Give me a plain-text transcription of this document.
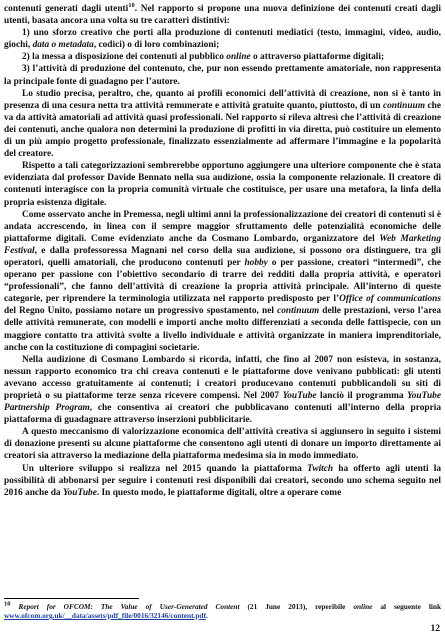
contenuti generati dagli utenti$^{10}$. Nel rapporto si propone una nuova definizione dei contenuti creati dagli utenti, basata ancora una volta su tre caratteri distintivi:

1) uno sforzo creativo che porti alla produzione di contenuti mediatici (testo, immagini, video, audio, giochi, data o metadata, codici) o di loro combinazioni;
2) la messa a disposizione dei contenuti al pubblico online o attraverso piattaforme digitali;
3) l’attività di produzione del contenuto, che, pur non essendo prettamente amatoriale, non rappresenta la principale fonte di guadagno per l’autore.

Lo studio precisa, peraltro, che, quanto ai profili economici dell’attività di creazione, non si è tanto in presenza di una cesura netta tra attività remunerate e attività gratuite quanto, piuttosto, di un continuum che va da attività amatoriali ad attività quasi professionali. Nel rapporto si rileva altresì che l’attività di creazione dei contenuti, anche qualora non determini la produzione di profitti in via diretta, può costituire un elemento di un più ampio progetto professionale, finalizzato essenzialmente ad affermare l’immagine e la popolarità del creatore.

Rispetto a tali categorizzazioni sembrerebbe opportuno aggiungere una ulteriore componente che è stata evidenziata dal professor Davide Bennato nella sua audizione, ossia la componente relazionale. Il creatore di contenuti interagisce con la propria comunità virtuale che costituisce, per usare una metafora, la linfa della propria esistenza digitale.

Come osservato anche in Premessa, negli ultimi anni la professionalizzazione dei creatori di contenuti si è andata accrescendo, in linea con il sempre maggior sfruttamento delle potenzialità economiche delle piattaforme digitali. Come evidenziato anche da Cosmano Lombardo, organizzatore del Web Marketing Festival, e dalla professoressa Magnani nel corso della sua audizione, si possono ora distinguere, tra gli operatori, quelli amatoriali, che producono contenuti per hobby o per passione, creatori “intermedi”, che operano per passione con l’obiettivo secondario di trarre dei redditi dalla propria attività, e operatori “professionali”, che fanno dell’attività di creazione la propria attività principale. All’interno di queste categorie, per riprendere la terminologia utilizzata nel rapporto predisposto per l’Office of communications del Regno Unito, possiamo notare un progressivo spostamento, nel continuum delle prestazioni, verso l’area delle attività remunerate, con modelli e importi anche molto differenziati a seconda delle fattispecie, con un maggiore contatto tra attività svolte a livello individuale e attività organizzate in maniera imprenditoriale, anche con la costituzione di compagini societarie.

Nella audizione di Cosmano Lombardo si ricorda, infatti, che fino al 2007 non esisteva, in sostanza, nessun rapporto economico tra chi creava contenuti e le piattaforme dove venivano pubblicati: gli utenti avevano accesso gratuitamente ai contenuti; i creatori producevano contenuti pubblicandoli su siti di proprietà o su piattaforme terze senza ricevere compensi. Nel 2007 YouTube lanciò il programma YouTube Partnership Program, che consentiva ai creatori che pubblicavano contenuti all’interno della propria piattaforma di guadagnare attraverso inserzioni pubblicitarie.

A questo meccanismo di valorizzazione economica dell’attività creativa si aggiunsero in seguito i sistemi di donazione presenti su alcune piattaforme che consentono agli utenti di donare un importo direttamente ai creatori sia attraverso la mediazione della piattaforma medesima sia in modo immediato.

Un ulteriore sviluppo si realizza nel 2015 quando la piattaforma Twitch ha offerto agli utenti la possibilità di abbonarsi per seguire i contenuti resi disponibili dai creatori, secondo uno schema seguito nel 2016 anche da YouTube. In questo modo, le piattaforme digitali, oltre a operare come

$^{10}$ Report for OFCOM: The Value of User-Generated Content (21 June 2013), reperibile online al seguente link www.ofcom.org.uk/__data/assets/pdf_file/0016/32146/content.pdf.
12
